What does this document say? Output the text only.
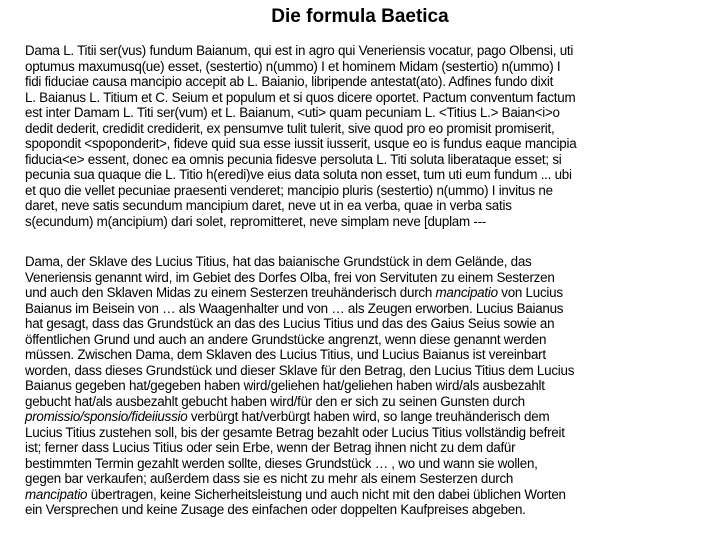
Die formula Baetica

Dama L. Titii ser(vus) fundum Baianum, qui est in agro qui Veneriensis vocatur, pago Olbensi, uti
optumus maxumusq(ue) esset, (sestertio) n(ummo) I et hominem Midam (sestertio) n(ummo) I
fidi fiduciae causa mancipio accepit ab L. Baianio, libripende antestat(ato). Adfines fundo dixit
L. Baianus L. Titium et C. Seium et populum et si quos dicere oportet. Pactum conventum factum
est inter Damam L. Titi ser(vum) et L. Baianum, <uti> quam pecuniam L. <Titius L.> Baian<i>o
dedit dederit, credidit crediderit, ex pensumve tulit tulerit, sive quod pro eo promisit promiserit,
spopondit <spoponderit>, fideve quid sua esse iussit iusserit, usque eo is fundus eaque mancipia
fiducia<e> essent, donec ea omnis pecunia fidesve persoluta L. Titi soluta liberataque esset; si
pecunia sua quaque die L. Titio h(eredi)ve eius data soluta non esset, tum uti eum fundum ... ubi
et quo die vellet pecuniae praesenti venderet; mancipio pluris (sestertio) n(ummo) I invitus ne
daret, neve satis secundum mancipium daret, neve ut in ea verba, quae in verba satis
s(ecundum) m(ancipium) dari solet, repromitteret, neve simplam neve [duplam ---

Dama, der Sklave des Lucius Titius, hat das baianische Grundstück in dem Gelände, das
Veneriensis genannt wird, im Gebiet des Dorfes Olba, frei von Servituten zu einem Sesterzen
und auch den Sklaven Midas zu einem Sesterzen treuhänderisch durch mancipatio von Lucius
Baianus im Beisein von … als Waagenhalter und von … als Zeugen erworben. Lucius Baianus
hat gesagt, dass das Grundstück an das des Lucius Titius und das des Gaius Seius sowie an
öffentlichen Grund und auch an andere Grundstücke angrenzt, wenn diese genannt werden
müssen. Zwischen Dama, dem Sklaven des Lucius Titius, und Lucius Baianus ist vereinbart
worden, dass dieses Grundstück und dieser Sklave für den Betrag, den Lucius Titius dem Lucius
Baianus gegeben hat/gegeben haben wird/geliehen hat/geliehen haben wird/als ausbezahlt
gebucht hat/als ausbezahlt gebucht haben wird/für den er sich zu seinen Gunsten durch
promissio/sponsio/fideiiussio verbürgt hat/verbürgt haben wird, so lange treuhänderisch dem
Lucius Titius zustehen soll, bis der gesamte Betrag bezahlt oder Lucius Titius vollständig befreit
ist; ferner dass Lucius Titius oder sein Erbe, wenn der Betrag ihnen nicht zu dem dafür
bestimmten Termin gezahlt werden sollte, dieses Grundstück … , wo und wann sie wollen,
gegen bar verkaufen; außerdem dass sie es nicht zu mehr als einem Sesterzen durch
mancipatio übertragen, keine Sicherheitsleistung und auch nicht mit den dabei üblichen Worten
ein Versprechen und keine Zusage des einfachen oder doppelten Kaufpreises abgeben.
